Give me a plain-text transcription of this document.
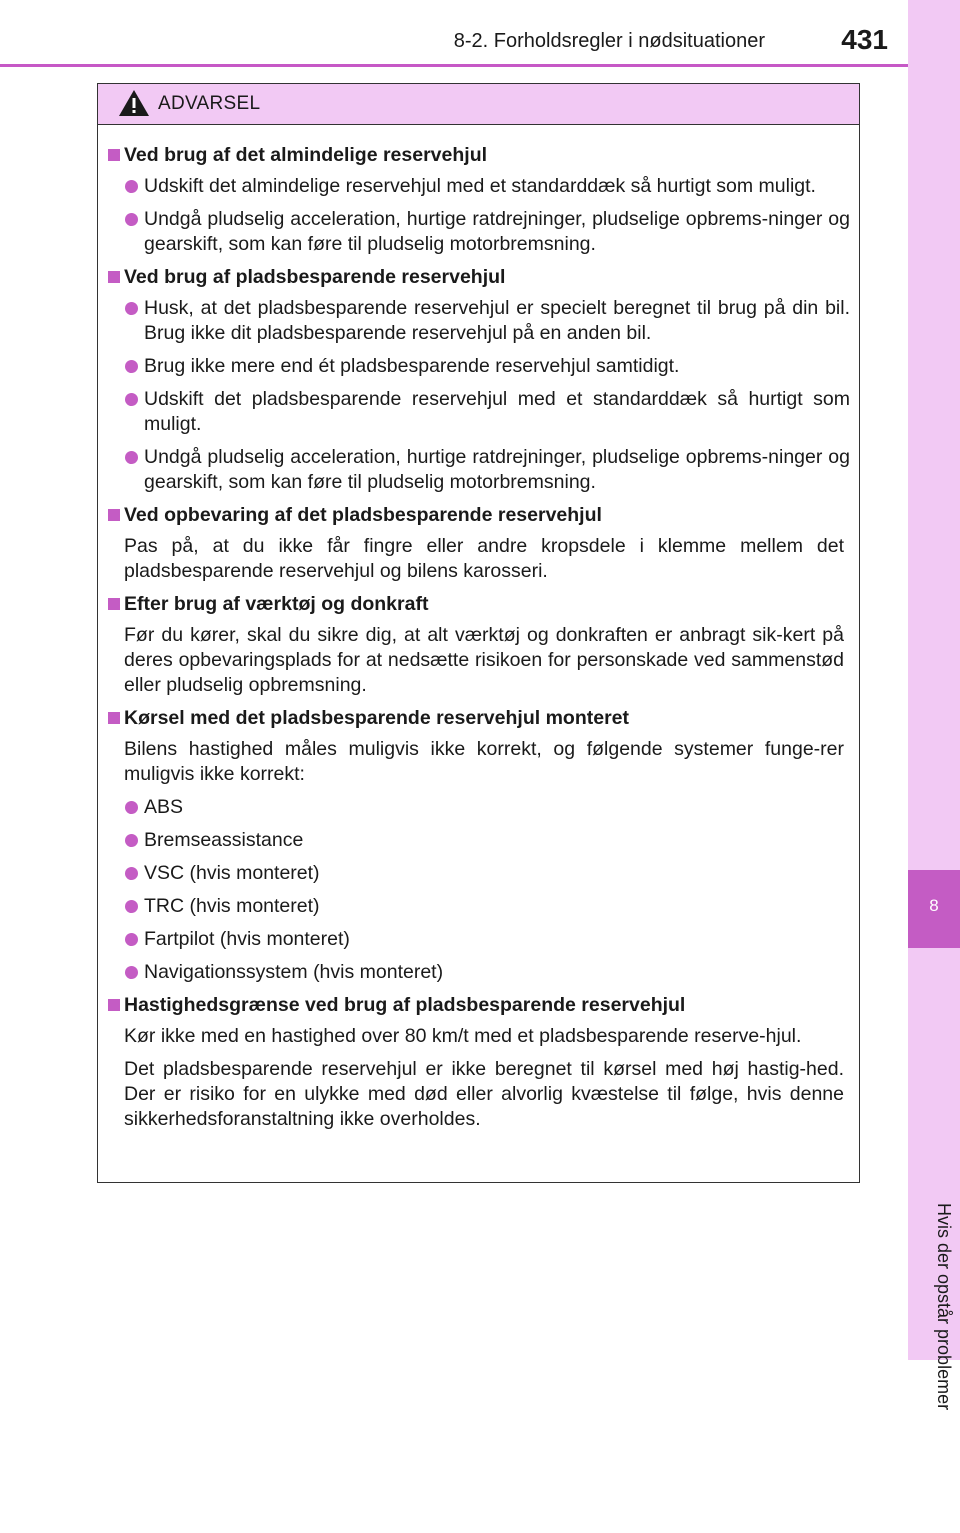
8-2. Forholdsregler i nødsituationer	431
8
Hvis der opstår problemer
ADVARSEL
Ved brug af det almindelige reservehjul
Udskift det almindelige reservehjul med et standarddæk så hurtigt som muligt.
Undgå pludselig acceleration, hurtige ratdrejninger, pludselige opbrems-ninger og gearskift, som kan føre til pludselig motorbremsning.
Ved brug af pladsbesparende reservehjul
Husk, at det pladsbesparende reservehjul er specielt beregnet til brug på din bil. Brug ikke dit pladsbesparende reservehjul på en anden bil.
Brug ikke mere end ét pladsbesparende reservehjul samtidigt.
Udskift det pladsbesparende reservehjul med et standarddæk så hurtigt som muligt.
Undgå pludselig acceleration, hurtige ratdrejninger, pludselige opbrems-ninger og gearskift, som kan føre til pludselig motorbremsning.
Ved opbevaring af det pladsbesparende reservehjul
Pas på, at du ikke får fingre eller andre kropsdele i klemme mellem det pladsbesparende reservehjul og bilens karosseri.
Efter brug af værktøj og donkraft
Før du kører, skal du sikre dig, at alt værktøj og donkraften er anbragt sik-kert på deres opbevaringsplads for at nedsætte risikoen for personskade ved sammenstød eller pludselig opbremsning.
Kørsel med det pladsbesparende reservehjul monteret
Bilens hastighed måles muligvis ikke korrekt, og følgende systemer funge-rer muligvis ikke korrekt:
ABS
Bremseassistance
VSC (hvis monteret)
TRC (hvis monteret)
Fartpilot (hvis monteret)
Navigationssystem (hvis monteret)
Hastighedsgrænse ved brug af pladsbesparende reservehjul
Kør ikke med en hastighed over 80 km/t med et pladsbesparende reserve-hjul.
Det pladsbesparende reservehjul er ikke beregnet til kørsel med høj hastig-hed. Der er risiko for en ulykke med død eller alvorlig kvæstelse til følge, hvis denne sikkerhedsforanstaltning ikke overholdes.
